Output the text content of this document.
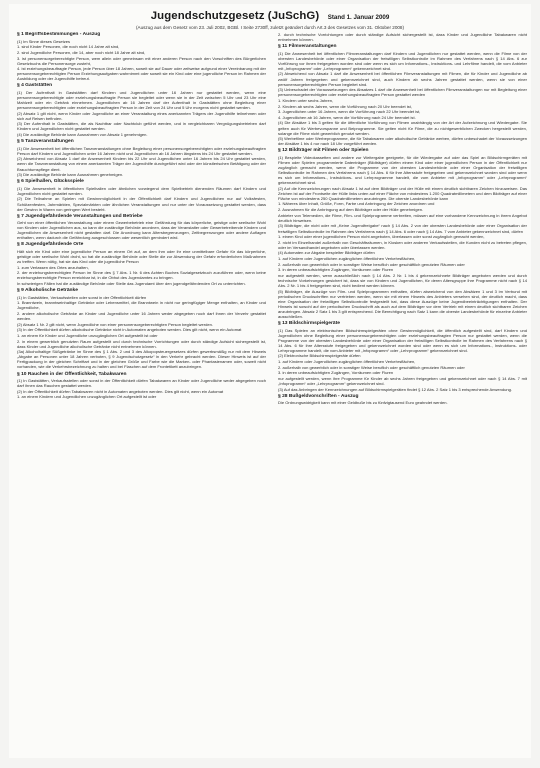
Jugendschutzgesetz (JuSchG) Stand 1. Januar 2009
(Auszug aus dem Gesetz vom 23. Juli 2002, BGBl. I Seite 2730ff, zuletzt geändert durch Art.3 des Gesetzes vom 31. Oktober 2008)
§ 1 Begriffsbestimmungen - Auszug

(1) Im Sinne dieses Gesetzes

1. sind Kinder Personen, die noch nicht 14 Jahre alt sind,

2. sind Jugendliche Personen, die 14, aber noch nicht 18 Jahre alt sind,

3. ist personensorgeberechtigte Person, wem allein oder gemeinsam mit einer anderen Person nach den Vorschriften des Bürgerlichen Gesetzbuchs die Personensorge zusteht,

4. ist erziehungsbeauftragte Person, jede Person über 18 Jahren, soweit sie auf Dauer oder zeitweise aufgrund einer Vereinbarung mit der personensorgeberechtigten Person Erziehungsaufgaben wahrnimmt oder soweit sie ein Kind oder eine jugendliche Person im Rahmen der Ausbildung oder der Jugendhilfe betreut.

§ 4 Gaststätten

(1) Der Aufenthalt in Gaststätten darf Kindern und Jugendlichen unter 16 Jahren nur gestattet werden, wenn eine personensorgeberechtigte oder erziehungsbeauftragte Person sie begleitet oder wenn sie in der Zeit zwischen 5 Uhr und 23 Uhr eine Mahlzeit oder ein Getränk einnehmen. Jugendlichen ab 16 Jahren darf der Aufenthalt in Gaststätten ohne Begleitung einer personensorgeberechtigten oder erziehungsbeauftragten Person in der Zeit von 24 Uhr und 5 Uhr morgens nicht gestattet werden.

(2) Absatz 1 gilt nicht, wenn Kinder oder Jugendliche an einer Veranstaltung eines anerkannten Trägers der Jugendhilfe teilnehmen oder sich auf Reisen befinden.

(3) Der Aufenthalt in Gaststätten, die als Nachtbar oder Nachtclub geführt werden, und in vergleichbaren Vergnügungsbetrieben darf Kindern und Jugendlichen nicht gestattet werden.

(4) Die zuständige Behörde kann Ausnahmen von Absatz 1 genehmigen.

§ 5 Tanzveranstaltungen

(1) Die Anwesenheit bei öffentlichen Tanzveranstaltungen ohne Begleitung einer personensorgeberechtigten oder erziehungsbeauftragten Person darf Kindern und Jugendlichen unter 16 Jahren nicht und Jugendlichen ab 16 Jahren längstens bis 24 Uhr gestattet werden.

(2) Abweichend von Absatz 1 darf die Anwesenheit Kindern bis 22 Uhr und Jugendlichen unter 16 Jahren bis 24 Uhr gestattet werden, wenn die Tanzveranstaltung von einem anerkannten Träger der Jugendhilfe durchgeführt wird oder der künstlerischen Betätigung oder der Brauchtumspflege dient.

(3) Die zuständige Behörde kann Ausnahmen genehmigen.

§ 6 Spielhallen, Glücksspiele

(1) Die Anwesenheit in öffentlichen Spielhallen oder ähnlichen vorwiegend dem Spielbetrieb dienenden Räumen darf Kindern und Jugendlichen nicht gestattet werden.

(2) Die Teilnahme an Spielen mit Gewinnmöglichkeit in der Öffentlichkeit darf Kindern und Jugendlichen nur auf Volksfesten, Schützenfesten, Jahrmärkten, Spezialmärkten oder ähnlichen Veranstaltungen und nur unter der Voraussetzung gestattet werden, dass der Gewinn in Waren von geringem Wert besteht.

§ 7 Jugendgefährdende Veranstaltungen und Betriebe

Geht von einer öffentlichen Veranstaltung oder einem Gewerbebetrieb eine Gefährdung für das körperliche, geistige oder seelische Wohl von Kindern oder Jugendlichen aus, so kann die zuständige Behörde anordnen, dass der Veranstalter oder Gewerbetreibende Kindern und Jugendlichen die Anwesenheit nicht gestatten darf. Die Anordnung kann Altersbegrenzungen, Zeitbegrenzungen oder andere Auflagen enthalten, wenn dadurch die Gefährdung ausgeschlossen oder wesentlich gemindert wird.

§ 8 Jugendgefährdende Orte

Hält sich ein Kind oder eine jugendliche Person an einem Ort auf, an dem ihm oder ihr eine unmittelbare Gefahr für das körperliche, geistige oder seelische Wohl droht, so hat die zuständige Behörde oder Stelle die zur Abwendung der Gefahr erforderlichen Maßnahmen zu treffen. Wenn nötig, hat sie das Kind oder die jugendliche Person

1. zum Verlassen des Ortes anzuhalten,

2. der erziehungsberechtigten Person im Sinne des § 7 Abs. 1 Nr. 6 des Achten Buches Sozialgesetzbuch zuzuführen oder, wenn keine erziehungsberechtigte Person erreichbar ist, in die Obhut des Jugendamtes zu bringen.

In schwierigen Fällen hat die zuständige Behörde oder Stelle das Jugendamt über den jugendgefährdenden Ort zu unterrichten.

§ 9 Alkoholische Getränke

(1) In Gaststätten, Verkaufsstellen oder sonst in der Öffentlichkeit dürfen

1. Branntwein, branntweinhaltige Getränke oder Lebensmittel, die Branntwein in nicht nur geringfügiger Menge enthalten, an Kinder und Jugendliche,

2. andere alkoholische Getränke an Kinder und Jugendliche unter 16 Jahren weder abgegeben noch darf ihnen der Verzehr gestattet werden.

(2) Absatz 1 Nr. 2 gilt nicht, wenn Jugendliche von einer personensorgeberechtigten Person begleitet werden.

(3) In der Öffentlichkeit dürfen alkoholische Getränke nicht in Automaten angeboten werden. Dies gilt nicht, wenn ein Automat

1. an einem für Kinder und Jugendliche unzugänglichen Ort aufgestellt ist oder

2. in einem gewerblich genutzten Raum aufgestellt und durch technische Vorrichtungen oder durch ständige Aufsicht sichergestellt ist, dass Kinder und Jugendliche alkoholische Getränke nicht entnehmen können.

(3a) Alkoholhaltige Süßgetränke im Sinne des § 1 Abs. 2 und 3 des Alkopopsteuergesetzes dürfen gewerbsmäßig nur mit dem Hinweis „Abgabe an Personen unter 18 Jahren verboten, § 9 Jugendschutzgesetz“ in den Verkehr gebracht werden. Dieser Hinweis ist auf der Fertigpackung in der gleichen Schriftart und in der gleichen Größe und Farbe wie die Marken- oder Phantasienamen oder, soweit nicht vorhanden, wie die Verkehrsbezeichnung zu halten und bei Flaschen auf dem Frontetikett anzubringen.

§ 10 Rauchen in der Öffentlichkeit, Tabakwaren

(1) In Gaststätten, Verkaufsstellen oder sonst in der Öffentlichkeit dürfen Tabakwaren an Kinder oder Jugendliche weder abgegeben noch darf ihnen das Rauchen gestattet werden.

(2) In der Öffentlichkeit dürfen Tabakwaren nicht in Automaten angeboten werden. Dies gilt nicht, wenn ein Automat

1. an einem Kindern und Jugendlichen unzugänglichen Ort aufgestellt ist oder

2. durch technische Vorrichtungen oder durch ständige Aufsicht sichergestellt ist, dass Kinder und Jugendliche Tabakwaren nicht entnehmen können.

§ 11 Filmveranstaltungen

(1) Die Anwesenheit bei öffentlichen Filmveranstaltungen darf Kindern und Jugendlichen nur gestattet werden, wenn die Filme von der obersten Landesbehörde oder einer Organisation der freiwilligen Selbstkontrolle im Rahmen des Verfahrens nach § 14 Abs. 6 zur Vorführung vor ihnen freigegeben worden sind oder wenn es sich um Informations-, Instruktions- und Lehrfilme handelt, die vom Anbieter mit „Infoprogramm“ oder „Lehrprogramm“ gekennzeichnet sind.

(2) Abweichend von Absatz 1 darf die Anwesenheit bei öffentlichen Filmveranstaltungen mit Filmen, die für Kinder und Jugendliche ab zwölf Jahren freigegeben und gekennzeichnet sind, auch Kindern ab sechs Jahren gestattet werden, wenn sie von einer personensorgeberechtigten Person begleitet sind.

(3) Unbeschadet der Voraussetzungen des Absatzes 1 darf die Anwesenheit bei öffentlichen Filmveranstaltungen nur mit Begleitung einer personensorgeberechtigten oder erziehungsbeauftragten Person gestattet werden

1. Kindern unter sechs Jahren,

2. Kindern ab sechs Jahren, wenn die Vorführung nach 20 Uhr beendet ist,

3. Jugendlichen unter 16 Jahren, wenn die Vorführung nach 22 Uhr beendet ist,

4. Jugendlichen ab 16 Jahren, wenn die Vorführung nach 24 Uhr beendet ist.

(4) Die Absätze 1 bis 3 gelten für die öffentliche Vorführung von Filmen unabhängig von der Art der Aufzeichnung und Wiedergabe. Sie gelten auch für Werbevorspanne und Beiprogramme. Sie gelten nicht für Filme, die zu nichtgewerblichen Zwecken hergestellt werden, solange die Filme nicht gewerblich genutzt werden.

(5) Werbefilme oder Werbeprogramme, die für Tabakwaren oder alkoholische Getränke werben, dürfen unbeschadet der Voraussetzungen der Absätze 1 bis 4 nur nach 18 Uhr vorgeführt werden.

§ 12 Bildträger mit Filmen oder Spielen

(1) Bespielte Videokassetten und andere zur Weitergabe geeignete, für die Wiedergabe auf oder das Spiel an Bildschirmgeräten mit Filmen oder Spielen programmierte Datenträger (Bildträger) dürfen einem Kind oder einer jugendlichen Person in der Öffentlichkeit nur zugänglich gemacht werden, wenn die Programme von der obersten Landesbehörde oder einer Organisation der freiwilligen Selbstkontrolle im Rahmen des Verfahrens nach § 14 Abs. 6 für ihre Altersstufe freigegeben und gekennzeichnet worden sind oder wenn es sich um Informations-, Instruktions- und Lehrprogramme handelt, die vom Anbieter mit „Infoprogramm“ oder „Lehrprogramm“ gekennzeichnet sind.

(2) Auf die Kennzeichnungen nach Absatz 1 ist auf dem Bildträger und der Hülle mit einem deutlich sichtbaren Zeichen hinzuweisen. Das Zeichen ist auf der Frontseite der Hülle links unten auf einer Fläche von mindestens 1.200 Quadratmillimetern und dem Bildträger auf einer Fläche von mindestens 250 Quadratmillimetern anzubringen. Die oberste Landesbehörde kann

1. Näheres über Inhalt, Größe, Form, Farbe und Anbringung der Zeichen anordnen und

2. Ausnahmen für die Anbringung auf dem Bildträger oder der Hülle genehmigen.

Anbieter von Telemedien, die Filme, Film- und Spielprogramme verbreiten, müssen auf eine vorhandene Kennzeichnung in ihrem Angebot deutlich hinweisen.

(3) Bildträger, die nicht oder mit „Keine Jugendfreigabe“ nach § 14 Abs. 2 von der obersten Landesbehörde oder einer Organisation der freiwilligen Selbstkontrolle im Rahmen des Verfahrens nach § 14 Abs. 6 oder nach § 14 Abs. 7 vom Anbieter gekennzeichnet sind, dürfen

1. einem Kind oder einer jugendlichen Person nicht angeboten, überlassen oder sonst zugänglich gemacht werden,

2. nicht im Einzelhandel außerhalb von Geschäftsräumen, in Kiosken oder anderen Verkaufsstellen, die Kunden nicht zu betreten pflegen, oder im Versandhandel angeboten oder überlassen werden.

(4) Automaten zur Abgabe bespielter Bildträger dürfen

1. auf Kindern oder Jugendlichen zugänglichen öffentlichen Verkehrsflächen,

2. außerhalb von gewerblich oder in sonstiger Weise beruflich oder geschäftlich genutzten Räumen oder

3. in deren unbeaufsichtigten Zugängen, Vorräumen oder Fluren

nur aufgestellt werden, wenn ausschließlich nach § 14 Abs. 2 Nr. 1 bis 4 gekennzeichnete Bildträger angeboten werden und durch technische Vorkehrungen gesichert ist, dass sie von Kindern und Jugendlichen, für deren Altersgruppe ihre Programme nicht nach § 14 Abs. 2 Nr. 1 bis 4 freigegeben sind, nicht bedient werden können.

(5) Bildträger, die Auszüge von Film- und Spielprogrammen enthalten, dürfen abweichend von den Absätzen 1 und 3 im Verbund mit periodischen Druckschriften nur vertrieben werden, wenn sie mit einem Hinweis des Anbieters versehen sind, der deutlich macht, dass eine Organisation der freiwilligen Selbstkontrolle festgestellt hat, dass diese Auszüge keine Jugendbeeinträchtigungen enthalten. Der Hinweis ist sowohl auf der periodischen Druckschrift als auch auf dem Bildträger vor dem Vertrieb mit einem deutlich sichtbaren Zeichen anzubringen. Absatz 2 Satz 1 bis 3 gilt entsprechend. Die Berechtigung nach Satz 1 kann die oberste Landesbehörde für einzelne Anbieter ausschließen.

§ 13 Bildschirmspielgeräte

(1) Das Spielen an elektronischen Bildschirmspielgeräten ohne Gewinnmöglichkeit, die öffentlich aufgestellt sind, darf Kindern und Jugendlichen ohne Begleitung einer personensorgeberechtigten oder erziehungsbeauftragten Person nur gestattet werden, wenn die Programme von der obersten Landesbehörde oder einer Organisation der freiwilligen Selbstkontrolle im Rahmen des Verfahrens nach § 14 Abs. 6 für ihre Altersstufe freigegeben und gekennzeichnet worden sind oder wenn es sich um Informations-, Instruktions- oder Lehrprogramme handelt, die vom Anbieter mit „Infoprogramm“ oder „Lehrprogramm“ gekennzeichnet sind.

(2) Elektronische Bildschirmspielgeräte dürfen

1. auf Kindern oder Jugendlichen zugänglichen öffentlichen Verkehrsflächen,

2. außerhalb von gewerblich oder in sonstiger Weise beruflich oder geschäftlich genutzten Räumen oder

3. in deren unbeaufsichtigten Zugängen, Vorräumen oder Fluren

nur aufgestellt werden, wenn ihre Programme für Kinder ab sechs Jahren freigegeben und gekennzeichnet oder nach § 14 Abs. 7 mit „Infoprogramm“ oder „Lehrprogramm“ gekennzeichnet sind.

(3) Auf das Anbringen der Kennzeichnungen auf Bildschirmspielgeräten findet § 12 Abs. 2 Satz 1 bis 3 entsprechende Anwendung.

§ 28 Bußgeldvorschriften - Auszug

Die Ordnungswidrigkeit kann mit einer Geldbuße bis zu fünfzigtausend Euro geahndet werden.
